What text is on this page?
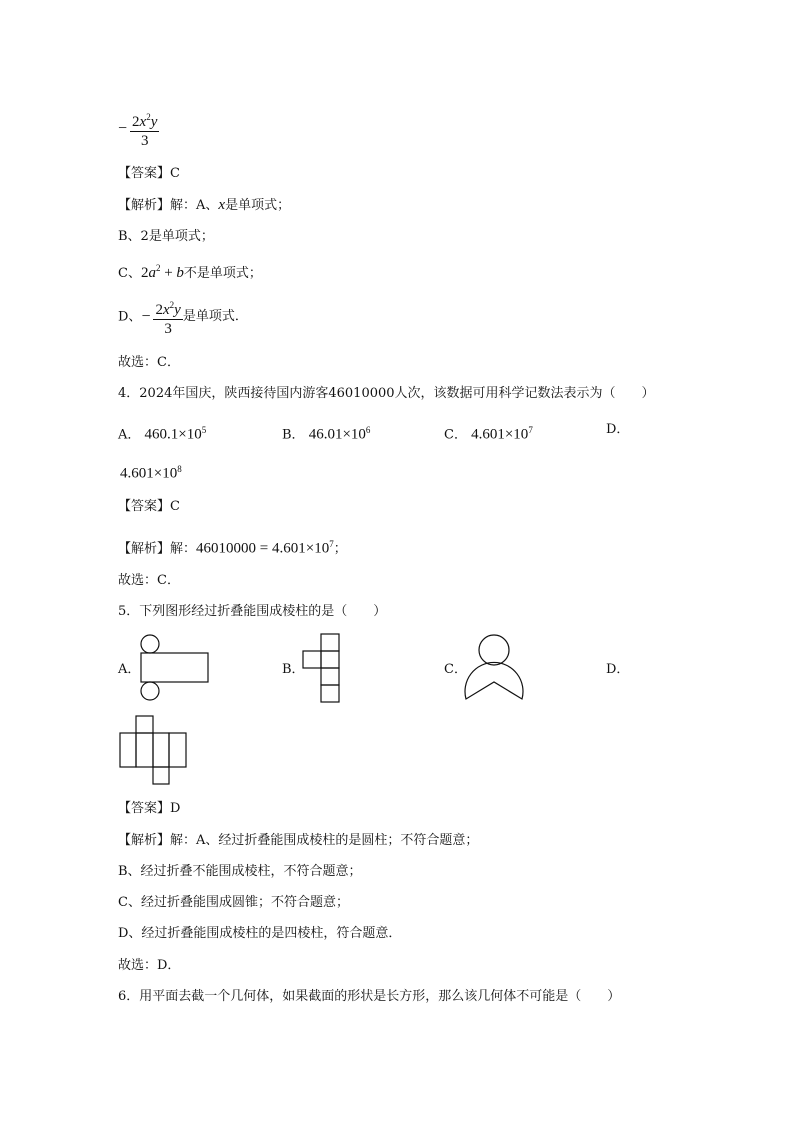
− $\frac{2x^2y}{3}$
【答案】C
【解析】解：A、x是单项式；
B、2是单项式；
C、$2a^2 + b$不是单项式；
D、− $\frac{2x^2y}{3}$ 是单项式．
故选：C．
4．2024年国庆，陕西接待国内游客46010000人次，该数据可用科学记数法表示为（　　）
A． $460.1\times 10^5$	B． $46.01\times 10^6$	C． $4.601\times 10^7$	D．
$4.601\times 10^8$
【答案】C
【解析】解：$46010000 = 4.601\times 10^7$；
故选：C．
5．下列图形经过折叠能围成棱柱的是（　　）
A．	B．	C．	D．
【答案】D
【解析】解：A、经过折叠能围成棱柱的是圆柱；不符合题意；
B、经过折叠不能围成棱柱，不符合题意；
C、经过折叠能围成圆锥；不符合题意；
D、经过折叠能围成棱柱的是四棱柱，符合题意．
故选：D．
6．用平面去截一个几何体，如果截面的形状是长方形，那么该几何体不可能是（　　）
